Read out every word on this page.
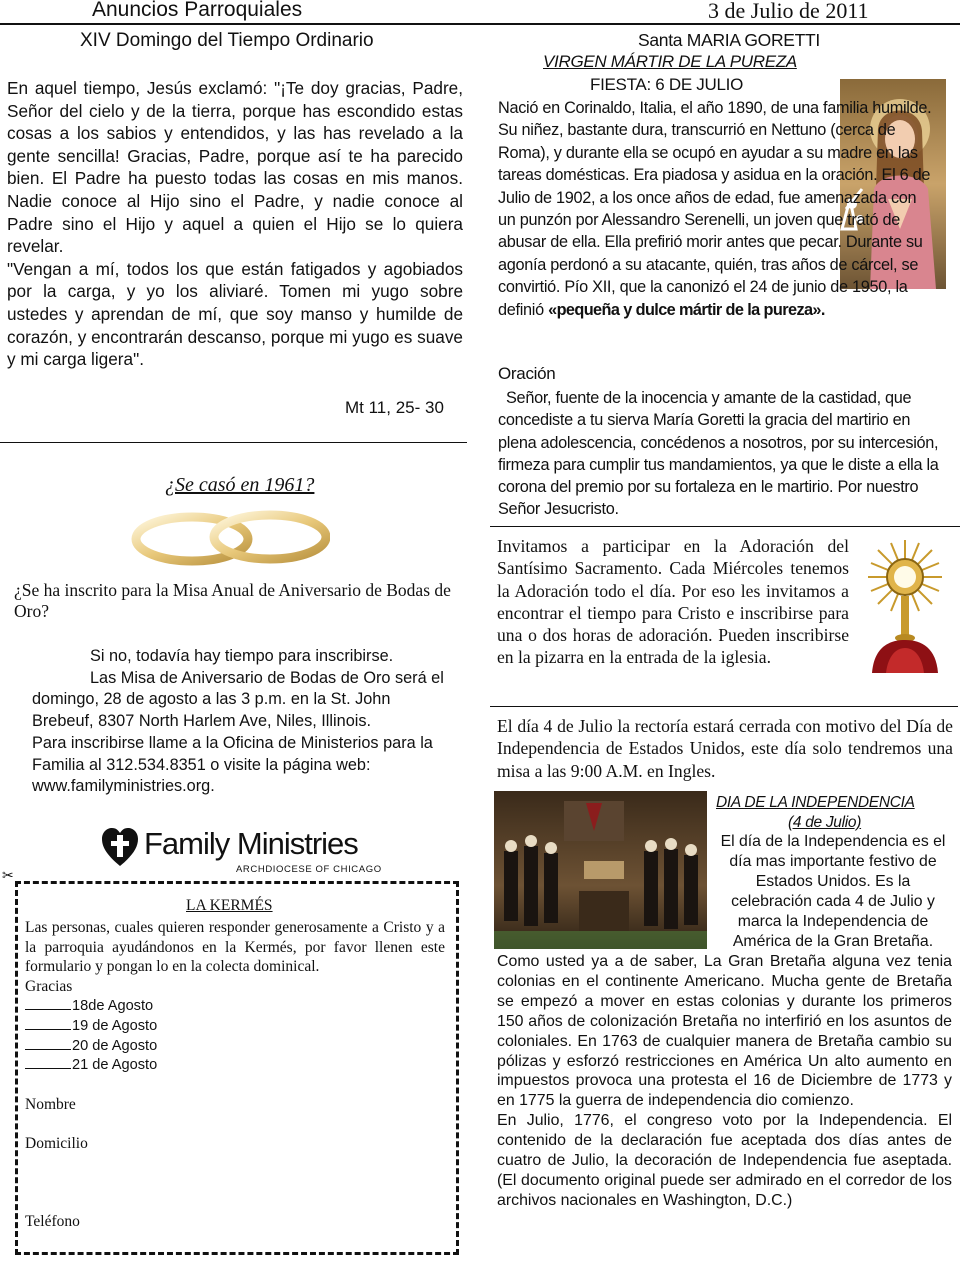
Anuncios Parroquiales	3 de Julio de 2011
XIV Domingo del Tiempo Ordinario

En aquel tiempo, Jesús exclamó: "¡Te doy gracias, Padre, Señor del cielo y de la tierra, porque has escondido estas cosas a los sabios y entendidos, y las has revelado a la gente sencilla! Gracias, Padre, porque así te ha parecido bien. El Padre ha puesto todas las cosas en mis manos. Nadie conoce al Hijo sino el Padre, y nadie conoce al Padre sino el Hijo y aquel a quien el Hijo se lo quiera revelar.

"Vengan a mí, todos los que están fatigados y agobiados por la carga, y yo los aliviaré. Tomen mi yugo sobre ustedes y aprendan de mí, que soy manso y humilde de corazón, y encontrarán descanso, porque mi yugo es suave y mi carga ligera".

Mt 11, 25- 30
¿Se casó en 1961?
¿Se ha inscrito para la Misa Anual de Aniversario de Bodas de Oro?
Si no, todavía hay tiempo para inscribirse.
Las Misa de Aniversario de Bodas de Oro será el domingo, 28 de agosto a las 3 p.m. en la St. John Brebeuf, 8307 North Harlem Ave, Niles, Illinois.
Para inscribirse llame a la Oficina de Ministerios para la Familia al 312.534.8351 o visite la página web: www.familyministries.org.
Family Ministries
ARCHDIOCESE OF CHICAGO
✂
LA KERMÉS
Las personas, cuales quieren responder generosamente a Cristo y a la parroquia ayudándonos en la Kermés, por favor llenen este formulario y pongan lo en la colecta dominical.
Gracias
18de Agosto
19 de Agosto
20 de Agosto
21 de Agosto
Nombre
Domicilio
Teléfono
Santa MARIA GORETTI
VIRGEN MÁRTIR DE LA PUREZA
FIESTA: 6 DE JULIO
Nació en Corinaldo, Italia, el año 1890, de una familia humilde. Su niñez, bastante dura, transcurrió en Nettuno (cerca de Roma), y durante ella se ocupó en ayudar a su madre en las tareas domésticas. Era piadosa y asidua en la oración. El 6 de Julio de 1902, a los once años de edad, fue amenazada con un punzón por Alessandro Serenelli, un joven que trató de abusar de ella. Ella prefirió morir antes que pecar. Durante su agonía perdonó a su atacante, quién, tras años de cárcel, se convirtió. Pío XII, que la canonizó el 24 de junio de 1950, la definió «pequeña y dulce mártir de la pureza».
Oración
Señor, fuente de la inocencia y amante de la castidad, que concediste a tu sierva María Goretti la gracia del martirio en plena adolescencia, concédenos a nosotros, por su intercesión, firmeza para cumplir tus mandamientos, ya que le diste a ella la corona del premio por su fortaleza en le martirio. Por nuestro Señor Jesucristo.
Invitamos a participar en la Adoración del Santísimo Sacramento. Cada Miércoles tenemos la Adoración todo el día. Por eso les invitamos a encontrar el tiempo para Cristo e inscribirse para una o dos horas de adoración. Pueden inscribirse en la pizarra en la entrada de la iglesia.
El día 4 de Julio la rectoría estará cerrada con motivo del Día de Independencia de Estados Unidos, este día solo tendremos una misa a las 9:00 A.M. en Ingles.
DIA DE LA INDEPENDENCIA
(4 de Julio)
El día de la Independencia es el día mas importante festivo de Estados Unidos. Es la celebración cada 4 de Julio y marca la Independencia de América de la Gran Bretaña.

Como usted ya a de saber, La Gran Bretaña alguna vez tenia colonias en el continente Americano. Mucha gente de Bretaña se empezó a mover en estas colonias y durante los primeros 150 años de colonización Bretaña no interfirió en los asuntos de coloniales. En 1763 de cualquier manera de Bretaña cambio su pólizas y esforzó restricciones en América Un alto aumento en impuestos provoca una protesta el 16 de Diciembre de 1773 y en 1775 la guerra de independencia dio comienzo.

En Julio, 1776, el congreso voto por la Independencia. El contenido de la declaración fue aceptada dos días antes de cuatro de Julio, la decoración de Independencia fue aseptada. (El documento original puede ser admirado en el corredor de los archivos nacionales en Washington, D.C.)
